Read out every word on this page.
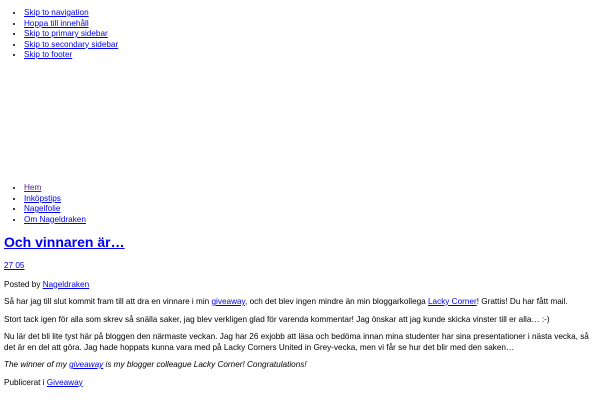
• Skip to navigation
• Hoppa till innehåll
• Skip to primary sidebar
• Skip to secondary sidebar
• Skip to footer
• Hem
• Inköpstips
• Nagelfolie
• Om Nageldraken
Och vinnaren är…
27 05
Posted by Nageldraken

Så har jag till slut kommit fram till att dra en vinnare i min giveaway, och det blev ingen mindre än min bloggarkollega Lacky Corner! Grattis! Du har fått mail.

Stort tack igen för alla som skrev så snälla saker, jag blev verkligen glad för varenda kommentar! Jag önskar att jag kunde skicka vinster till er alla… :-)

Nu lär det bli lite tyst här på bloggen den närmaste veckan. Jag har 26 exjobb att läsa och bedöma innan mina studenter har sina presentationer i nästa vecka, så det är en del att göra. Jag hade hoppats kunna vara med på Lacky Corners United in Grey-vecka, men vi får se hur det blir med den saken…

The winner of my giveaway is my blogger colleague Lacky Corner! Congratulations!

Publicerat i Giveaway
